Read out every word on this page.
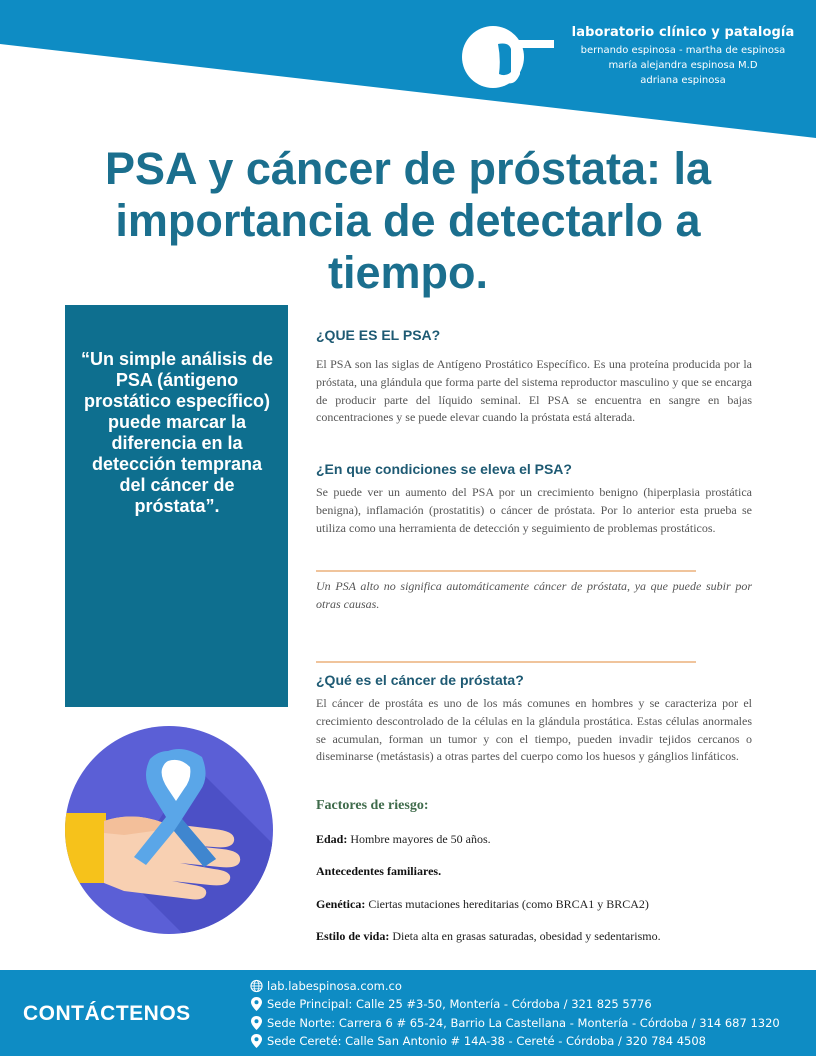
laboratorio clínico y patalogía
bernando espinosa - martha de espinosa
maría alejandra espinosa M.D
adriana espinosa
PSA y cáncer de próstata: la importancia de detectarlo a tiempo.

“Un simple análisis de PSA (ántigeno prostático específico) puede marcar la diferencia en la detección temprana del cáncer de próstata”.

¿QUE ES EL PSA?

El PSA son las siglas de Antígeno Prostático Específico. Es una proteína producida por la próstata, una glándula que forma parte del sistema reproductor masculino y que se encarga de producir parte del líquido seminal. El PSA se encuentra en sangre en bajas concentraciones y se puede elevar cuando la próstata está alterada.

¿En que condiciones se eleva el PSA?

Se puede ver un aumento del PSA por un crecimiento benigno (hiperplasia prostática benigna), inflamación (prostatitis) o cáncer de próstata. Por lo anterior esta prueba se utiliza como una herramienta de detección y seguimiento de problemas prostáticos.

Un PSA alto no significa automáticamente cáncer de próstata, ya que puede subir por otras causas.

¿Qué es el cáncer de próstata?

El cáncer de prostáta es uno de los más comunes en hombres y se caracteriza por el crecimiento descontrolado de la células en la glándula prostática. Estas células anormales se acumulan, forman un tumor y con el tiempo, pueden invadir tejidos cercanos o diseminarse (metástasis) a otras partes del cuerpo como los huesos y gánglios linfáticos.

Factores de riesgo:

Edad: Hombre mayores de 50 años.

Antecedentes familiares.

Genética: Ciertas mutaciones hereditarias (como BRCA1 y BRCA2)

Estilo de vida: Dieta alta en grasas saturadas, obesidad y sedentarismo.

CONTÁCTENOS
lab.labespinosa.com.co
Sede Principal: Calle 25 #3-50, Montería - Córdoba / 321 825 5776
Sede Norte: Carrera 6 # 65-24, Barrio La Castellana - Montería - Córdoba / 314 687 1320
Sede Cereté: Calle San Antonio # 14A-38 - Cereté - Córdoba / 320 784 4508
